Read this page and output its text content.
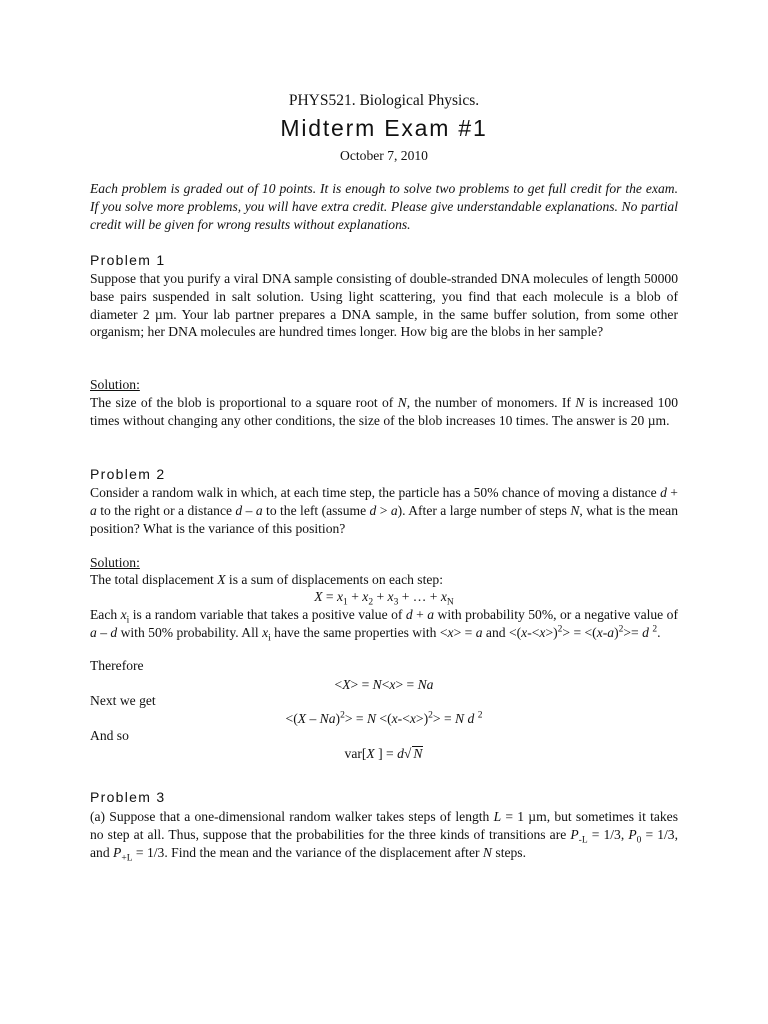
PHYS521. Biological Physics.
Midterm Exam #1
October 7, 2010
Each problem is graded out of 10 points. It is enough to solve two problems to get full credit for the exam. If you solve more problems, you will have extra credit. Please give understandable explanations. No partial credit will be given for wrong results without explanations.
Problem 1
Suppose that you purify a viral DNA sample consisting of double-stranded DNA molecules of length 50000 base pairs suspended in salt solution. Using light scattering, you find that each molecule is a blob of diameter 2 µm. Your lab partner prepares a DNA sample, in the same buffer solution, from some other organism; her DNA molecules are hundred times longer. How big are the blobs in her sample?
Solution:
The size of the blob is proportional to a square root of N, the number of monomers. If N is increased 100 times without changing any other conditions, the size of the blob increases 10 times. The answer is 20 µm.
Problem 2
Consider a random walk in which, at each time step, the particle has a 50% chance of moving a distance d + a to the right or a distance d – a to the left (assume d > a). After a large number of steps N, what is the mean position? What is the variance of this position?
Solution:
The total displacement X is a sum of displacements on each step:
$X = x_1 + x_2 + x_3$ + … + $x_N$
Each $x_i$ is a random variable that takes a positive value of d + a with probability 50%, or a negative value of a – d with 50% probability. All $x_i$ have the same properties with <x> = a and $<(x-<x>)^2> = <(x-a)^2>= d$ $^2$.
Therefore
<X> = N<x> = Na
Next we get
<(X – Na)$^2$> = N <(x-<x>)$^2$> = N d $^2$
And so
var[X ] = d√ N
Problem 3
(a) Suppose that a one-dimensional random walker takes steps of length L = 1 µm, but sometimes it takes no step at all. Thus, suppose that the probabilities for the three kinds of transitions are $P_{-L} = 1/3$, $P_0 = 1/3$, and $P_{+L} = 1/3$. Find the mean and the variance of the displacement after N steps.
